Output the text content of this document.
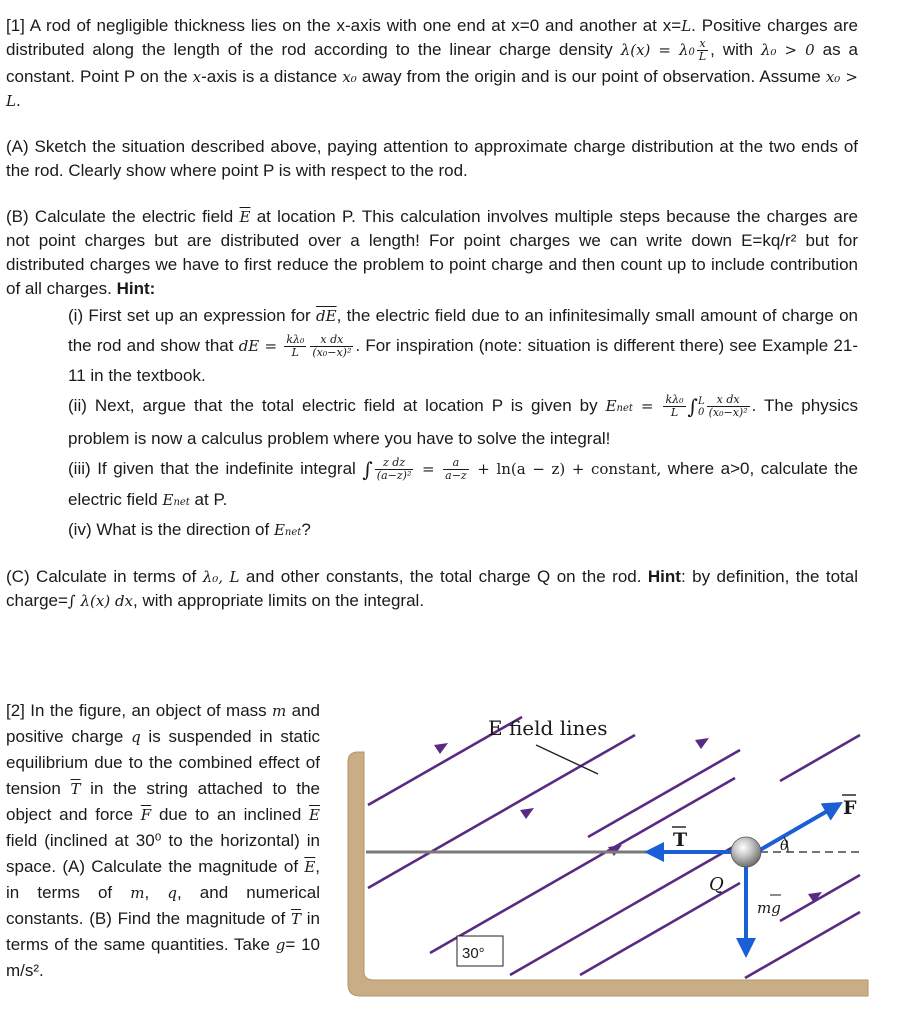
[1] A rod of negligible thickness lies on the x-axis with one end at x=0 and another at x=L. Positive charges are distributed along the length of the rod according to the linear charge density $\lambda(x) = \lambda 0 \frac{x}{L}$ , with λ₀ > 0 as a constant. Point P on the x-axis is a distance x₀ away from the origin and is our point of observation. Assume x₀ > L.

(A) Sketch the situation described above, paying attention to approximate charge distribution at the two ends of the rod. Clearly show where point P is with respect to the rod.

(B) Calculate the electric field $\overline{E}$ at location P. This calculation involves multiple steps because the charges are not point charges but are distributed over a length! For point charges we can write down E=kq/r² but for distributed charges we have to first reduce the problem to point charge and then count up to include contribution of all charges. Hint:

(i) First set up an expression for $\overline{dE}$, the electric field due to an infinitesimally small amount of charge on the rod and show that dE = $\frac{\text{kλ₀}}{L} \frac{\text{x dx}}{\text{(x₀−x)²}}$ . For inspiration (note: situation is different there) see Example 21-11 in the textbook.

(ii) Next, argue that the total electric field at location P is given by Enet = $\frac{\text{kλ₀}}{L}$ ∫ L
$0 \frac{\text{x dx}}{\text{(x₀−x)²}}$ . The physics problem is now a calculus problem where you have to solve the integral!

(iii) If given that the indefinite integral ∫ $\frac{\text{z dz}}{\text{(a−z)²}} = \frac{a}{a-z} + \ln(a - z)$ + constant, where a>0, calculate the electric field Enet at P.

(iv) What is the direction of Enet?

(C) Calculate in terms of λ₀, L and other constants, the total charge Q on the rod. Hint: by definition, the total charge=∫ λ(x) dx, with appropriate limits on the integral.

[2] In the figure, an object of mass m and positive charge q is suspended in static equilibrium due to the combined effect of tension $\overline{T}$ in the string attached to the object and force $\overline{F}$ due to an inclined $\overline{E}$ field (inclined at 30⁰ to the horizontal) in space. (A) Calculate the magnitude of $\overline{E}$, in terms of m, q, and numerical constants. (B) Find the magnitude of $\overline{T}$ in terms of the same quantities. Take g= 10 m/s².
E field lines
30°
T
F
θ
Q
mg
